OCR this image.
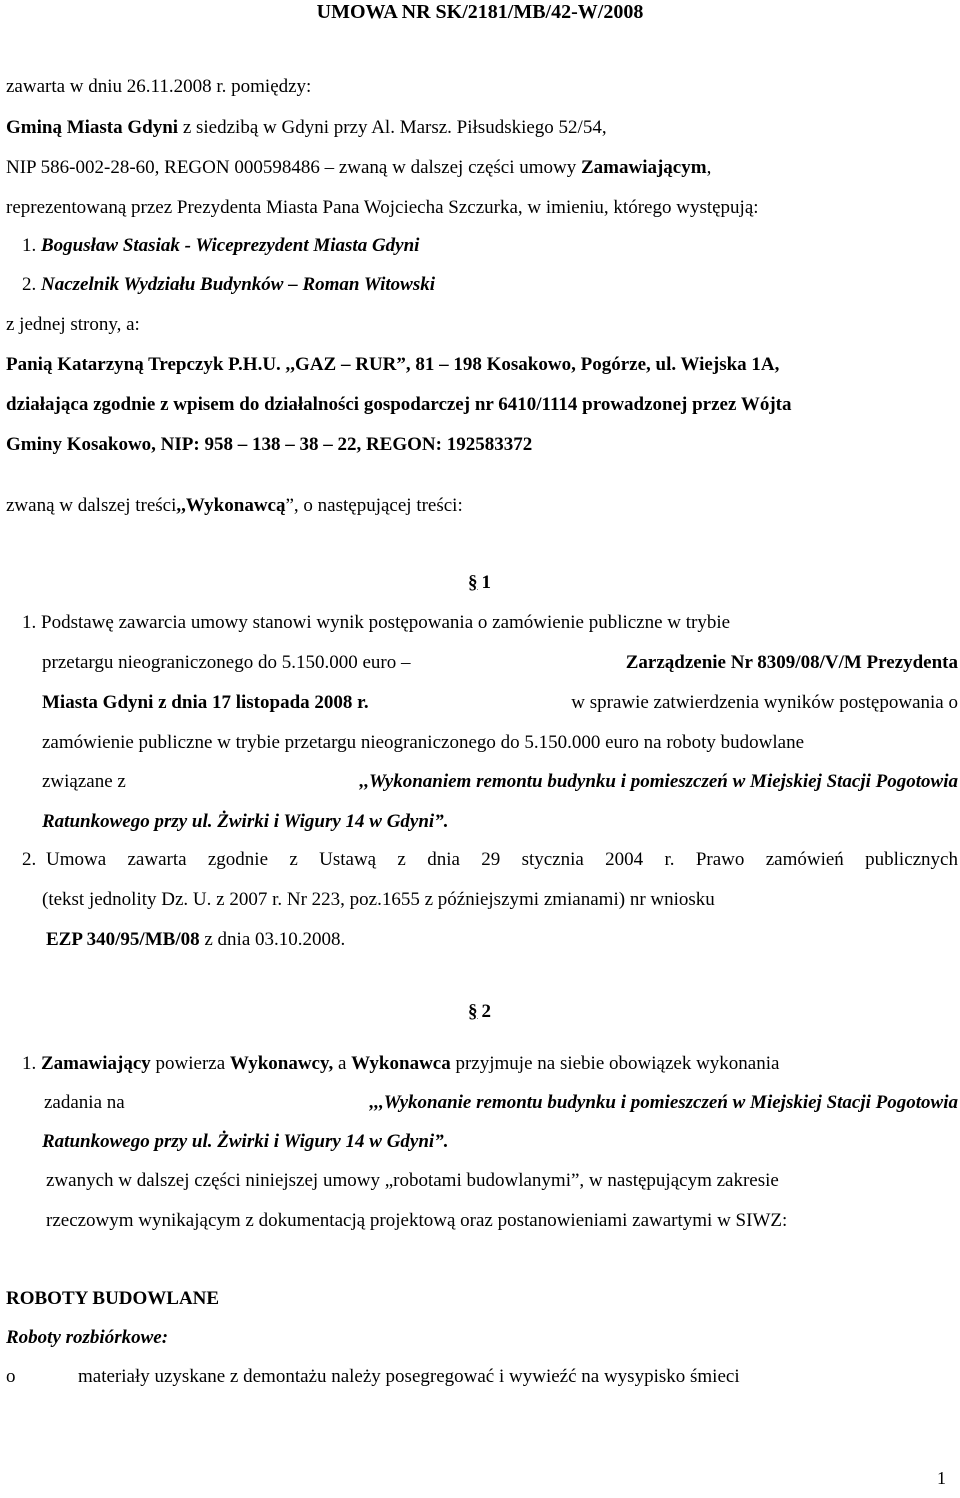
UMOWA NR SK/2181/MB/42-W/2008
zawarta w dniu 26.11.2008 r. pomiędzy:
Gminą Miasta Gdyni z siedzibą w Gdyni przy Al. Marsz. Piłsudskiego 52/54,
NIP 586-002-28-60, REGON 000598486 – zwaną w dalszej części umowy Zamawiającym,
reprezentowaną przez Prezydenta Miasta Pana Wojciecha Szczurka, w imieniu, którego występują:
1. Bogusław Stasiak - Wiceprezydent Miasta Gdyni
2. Naczelnik Wydziału Budynków – Roman Witowski
z jednej strony, a:
Panią Katarzyną Trepczyk P.H.U. ,,GAZ – RUR”, 81 – 198 Kosakowo, Pogórze, ul. Wiejska 1A,
działająca zgodnie z wpisem do działalności gospodarczej nr 6410/1114 prowadzonej przez Wójta
Gminy Kosakowo, NIP: 958 – 138 – 38 – 22, REGON: 192583372
zwaną w dalszej treści,,Wykonawcą”, o następującej treści:
§ 1
1. Podstawę zawarcia umowy stanowi wynik postępowania o zamówienie publiczne w trybie
przetargu nieograniczonego do 5.150.000 euro –	Zarządzenie Nr 8309/08/V/M Prezydenta
Miasta Gdyni z dnia 17 listopada 2008 r.	w sprawie zatwierdzenia wyników postępowania o
zamówienie publiczne w trybie przetargu nieograniczonego do 5.150.000 euro na roboty budowlane
związane z	,,Wykonaniem remontu budynku i pomieszczeń w Miejskiej Stacji Pogotowia
Ratunkowego przy ul. Żwirki i Wigury 14 w Gdyni”.
2. Umowa zawarta zgodnie z Ustawą z dnia 29 stycznia 2004 r. Prawo zamówień publicznych
(tekst jednolity Dz. U. z 2007 r. Nr 223, poz.1655 z późniejszymi zmianami) nr wniosku
EZP 340/95/MB/08 z dnia 03.10.2008.
§ 2
1. Zamawiający powierza Wykonawcy, a Wykonawca przyjmuje na siebie obowiązek wykonania
zadania na	,,,Wykonanie remontu budynku i pomieszczeń w Miejskiej Stacji Pogotowia
Ratunkowego przy ul. Żwirki i Wigury 14 w Gdyni”.
zwanych w dalszej części niniejszej umowy „robotami budowlanymi”, w następującym zakresie
rzeczowym wynikającym z dokumentacją projektową oraz postanowieniami zawartymi w SIWZ:
ROBOTY BUDOWLANE
Roboty rozbiórkowe:
o	materiały uzyskane z demontażu należy posegregować i wywieźć na wysypisko śmieci
1
